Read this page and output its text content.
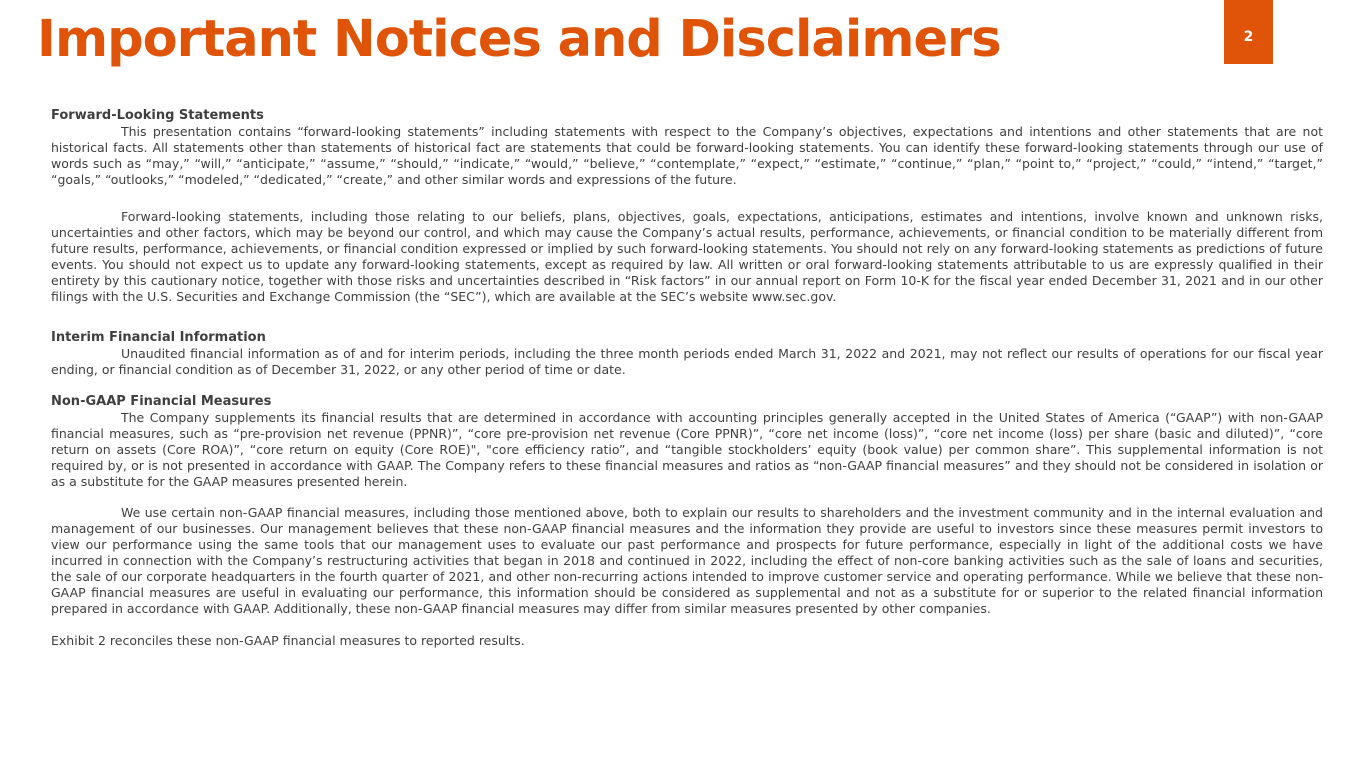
Important Notices and Disclaimers	2
Forward-Looking Statements

This presentation contains “forward-looking statements” including statements with respect to the Company’s objectives, expectations and intentions and other statements that are not historical facts. All statements other than statements of historical fact are statements that could be forward-looking statements. You can identify these forward-looking statements through our use of words such as “may,” “will,” “anticipate,” “assume,” “should,” “indicate,” “would,” “believe,” “contemplate,” “expect,” “estimate,” “continue,” “plan,” “point to,” “project,” “could,” “intend,” “target,” “goals,” “outlooks,” “modeled,” “dedicated,” “create,” and other similar words and expressions of the future.

Forward-looking statements, including those relating to our beliefs, plans, objectives, goals, expectations, anticipations, estimates and intentions, involve known and unknown risks, uncertainties and other factors, which may be beyond our control, and which may cause the Company’s actual results, performance, achievements, or financial condition to be materially different from future results, performance, achievements, or financial condition expressed or implied by such forward-looking statements. You should not rely on any forward-looking statements as predictions of future events. You should not expect us to update any forward-looking statements, except as required by law. All written or oral forward-looking statements attributable to us are expressly qualified in their entirety by this cautionary notice, together with those risks and uncertainties described in “Risk factors” in our annual report on Form 10-K for the fiscal year ended December 31, 2021 and in our other filings with the U.S. Securities and Exchange Commission (the “SEC”), which are available at the SEC’s website www.sec.gov.

Interim Financial Information

Unaudited financial information as of and for interim periods, including the three month periods ended March 31, 2022 and 2021, may not reflect our results of operations for our fiscal year ending, or financial condition as of December 31, 2022, or any other period of time or date.

Non-GAAP Financial Measures

The Company supplements its financial results that are determined in accordance with accounting principles generally accepted in the United States of America (“GAAP”) with non-GAAP financial measures, such as “pre-provision net revenue (PPNR)”, “core pre-provision net revenue (Core PPNR)”, “core net income (loss)”, “core net income (loss) per share (basic and diluted)”, “core return on assets (Core ROA)”, “core return on equity (Core ROE)", "core efficiency ratio”, and “tangible stockholders’ equity (book value) per common share”. This supplemental information is not required by, or is not presented in accordance with GAAP. The Company refers to these financial measures and ratios as “non-GAAP financial measures” and they should not be considered in isolation or as a substitute for the GAAP measures presented herein.

We use certain non-GAAP financial measures, including those mentioned above, both to explain our results to shareholders and the investment community and in the internal evaluation and management of our businesses. Our management believes that these non-GAAP financial measures and the information they provide are useful to investors since these measures permit investors to view our performance using the same tools that our management uses to evaluate our past performance and prospects for future performance, especially in light of the additional costs we have incurred in connection with the Company’s restructuring activities that began in 2018 and continued in 2022, including the effect of non-core banking activities such as the sale of loans and securities, the sale of our corporate headquarters in the fourth quarter of 2021, and other non-recurring actions intended to improve customer service and operating performance. While we believe that these non-GAAP financial measures are useful in evaluating our performance, this information should be considered as supplemental and not as a substitute for or superior to the related financial information prepared in accordance with GAAP. Additionally, these non-GAAP financial measures may differ from similar measures presented by other companies.

Exhibit 2 reconciles these non-GAAP financial measures to reported results.
